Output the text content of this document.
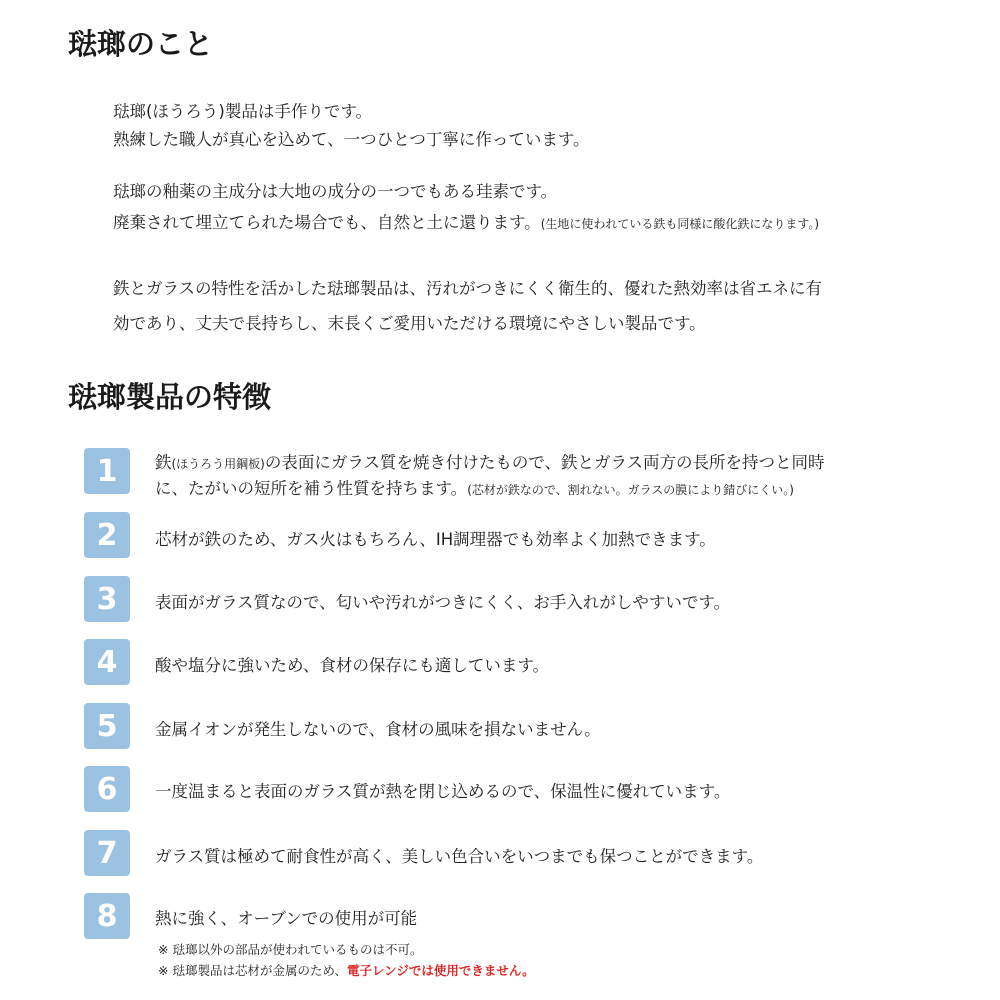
琺瑯のこと
琺瑯(ほうろう)製品は手作りです。
熟練した職人が真心を込めて、一つひとつ丁寧に作っています。
琺瑯の釉薬の主成分は大地の成分の一つでもある珪素です。
廃棄されて埋立てられた場合でも、自然と土に還ります。(生地に使われている鉄も同様に酸化鉄になります。)
鉄とガラスの特性を活かした琺瑯製品は、汚れがつきにくく衛生的、優れた熱効率は省エネに有
効であり、丈夫で長持ちし、末長くご愛用いただける環境にやさしい製品です。
琺瑯製品の特徴
1	鉄(ほうろう用鋼板)の表面にガラス質を焼き付けたもので、鉄とガラス両方の長所を持つと同時
に、たがいの短所を補う性質を持ちます。(芯材が鉄なので、割れない。ガラスの膜により錆びにくい。)
2	芯材が鉄のため、ガス火はもちろん、IH調理器でも効率よく加熱できます。
3	表面がガラス質なので、匂いや汚れがつきにくく、お手入れがしやすいです。
4	酸や塩分に強いため、食材の保存にも適しています。
5	金属イオンが発生しないので、食材の風味を損ないません。
6	一度温まると表面のガラス質が熱を閉じ込めるので、保温性に優れています。
7	ガラス質は極めて耐食性が高く、美しい色合いをいつまでも保つことができます。
8	熱に強く、オーブンでの使用が可能
※ 琺瑯以外の部品が使われているものは不可。
※ 琺瑯製品は芯材が金属のため、電子レンジでは使用できません。
